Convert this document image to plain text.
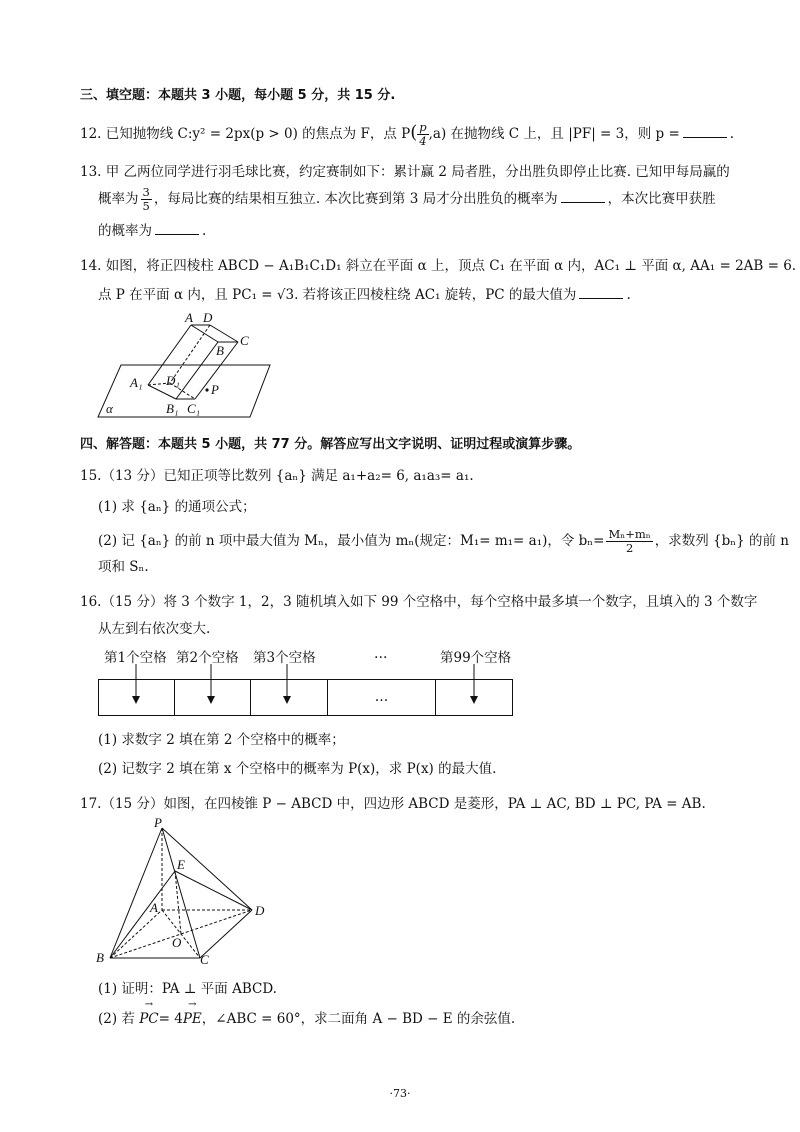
三、填空题：本题共 3 小题，每小题 5 分，共 15 分.
12. 已知抛物线 C:y² = 2px(p > 0) 的焦点为 F，点 $P( \frac{p}{4} ,a)$ 在抛物线 C 上，且 |PF| = 3，则 p =	.
13. 甲 乙两位同学进行羽毛球比赛，约定赛制如下：累计赢 2 局者胜，分出胜负即停止比赛. 已知甲每局赢的
概率为 $\frac{3}{5}$ ，每局比赛的结果相互独立. 本次比赛到第 3 局才分出胜负的概率为	，本次比赛甲获胜
的概率为	.
14. 如图，将正四棱柱 ABCD − A₁B₁C₁D₁ 斜立在平面 α 上，顶点 C₁ 在平面 α 内，AC₁ ⊥ 平面 α, AA₁ = 2AB = 6.
点 P 在平面 α 内，且 PC₁ = √3. 若将该正四棱柱绕 AC₁ 旋转，PC 的最大值为	.
A D
C
B
A₁ D₁
P
B₁ C₁
α
四、解答题：本题共 5 小题，共 77 分。解答应写出文字说明、证明过程或演算步骤。
15.（13 分）已知正项等比数列 {aₙ} 满足 a₁+a₂= 6, a₁a₃= a₁.
(1) 求 {aₙ} 的通项公式；
(2) 记 {aₙ} 的前 n 项中最大值为 Mₙ，最小值为 mₙ(规定：M₁= m₁= a₁)，令 $b_n= \frac{\text{Mₙ+mₙ}}{2}$ ，求数列 {bₙ} 的前 n
项和 Sₙ.
16.（15 分）将 3 个数字 1，2，3 随机填入如下 99 个空格中，每个空格中最多填一个数字，且填入的 3 个数字
从左到右依次变大.
第1个空格 第2个空格 第3个空格	…	第99个空格
…
(1) 求数字 2 填在第 2 个空格中的概率；
(2) 记数字 2 填在第 x 个空格中的概率为 P(x)，求 P(x) 的最大值.
17.（15 分）如图，在四棱锥 P − ABCD 中，四边形 ABCD 是菱形，PA ⊥ AC, BD ⊥ PC, PA = AB.
P
E
A	D
O
B	C
(1) 证明：PA ⊥ 平面 ABCD.
(2) 若
→
PC= 4
→
PE，∠ABC = 60°，求二面角 A − BD − E 的余弦值.
·73·
